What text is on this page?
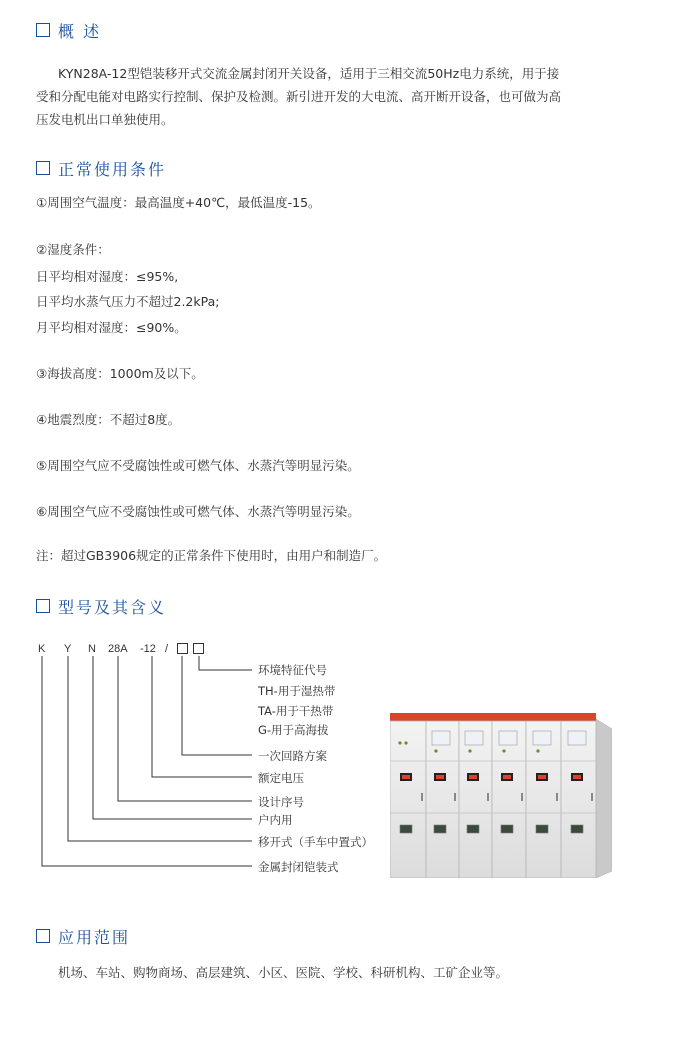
概 述
KYN28A-12型铠装移开式交流金属封闭开关设备，适用于三相交流50Hz电力系统，用于接
受和分配电能对电路实行控制、保护及检测。新引进开发的大电流、高开断开设备，也可做为高
压发电机出口单独使用。
正常使用条件
①周围空气温度：最高温度+40℃，最低温度-15。
②湿度条件：
日平均相对湿度：≤95%,
日平均水蒸气压力不超过2.2kPa;
月平均相对湿度：≤90%。
③海拔高度：1000m及以下。
④地震烈度：不超过8度。
⑤周围空气应不受腐蚀性或可燃气体、水蒸汽等明显污染。
⑥周围空气应不受腐蚀性或可燃气体、水蒸汽等明显污染。
注：超过GB3906规定的正常条件下使用时，由用户和制造厂。
型号及其含义
K Y N 28A -12 /
环境特征代号
TH-用于湿热带
TA-用于干热带
G-用于高海拔
一次回路方案
额定电压
设计序号
户内用
移开式（手车中置式）
金属封闭铠装式
应用范围
机场、车站、购物商场、高层建筑、小区、医院、学校、科研机构、工矿企业等。
